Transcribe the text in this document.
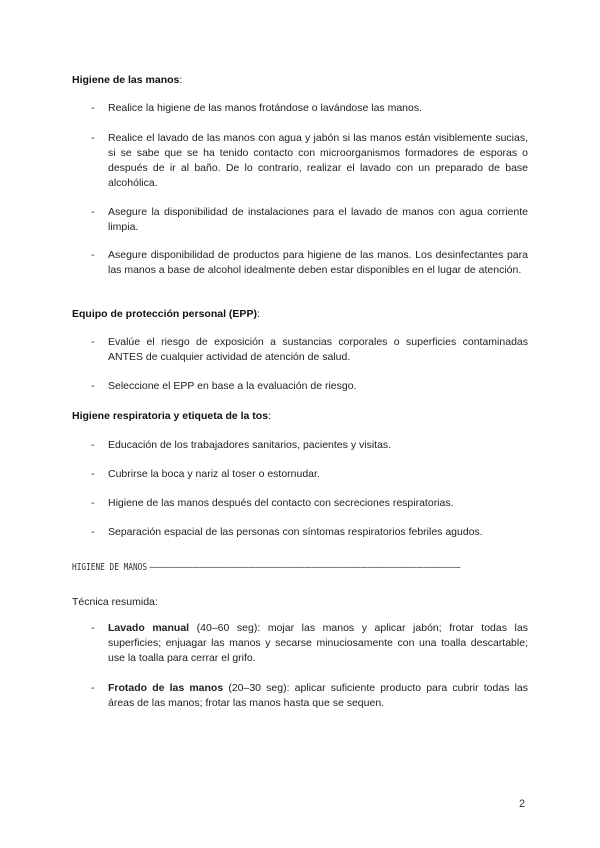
Higiene de las manos:

-	Realice la higiene de las manos frotándose o lavándose las manos.

-	Realice el lavado de las manos con agua y jabón si las manos están visiblemente sucias, si se sabe que se ha tenido contacto con microorganismos formadores de esporas o después de ir al baño. De lo contrario, realizar el lavado con un preparado de base alcohólica.

-	Asegure la disponibilidad de instalaciones para el lavado de manos con agua corriente limpia.

-	Asegure disponibilidad de productos para higiene de las manos. Los desinfectantes para las manos a base de alcohol idealmente deben estar disponibles en el lugar de atención.

Equipo de protección personal (EPP):

-	Evalúe el riesgo de exposición a sustancias corporales o superficies contaminadas ANTES de cualquier actividad de atención de salud.

-	Seleccione el EPP en base a la evaluación de riesgo.

Higiene respiratoria y etiqueta de la tos:

-	Educación de los trabajadores sanitarios, pacientes y visitas.

-	Cubrirse la boca y nariz al toser o estornudar.

-	Higiene de las manos después del contacto con secreciones respiratorias.

-	Separación espacial de las personas con síntomas respiratorios febriles agudos.

HIGIENE DE MANOS ––––––––––––––––––––––––––––––––––––––––––––––––––

Técnica resumida:

-	Lavado manual (40–60 seg): mojar las manos y aplicar jabón; frotar todas las superficies; enjuagar las manos y secarse minuciosamente con una toalla descartable; use la toalla para cerrar el grifo.

-	Frotado de las manos (20–30 seg): aplicar suficiente producto para cubrir todas las áreas de las manos; frotar las manos hasta que se sequen.

2
